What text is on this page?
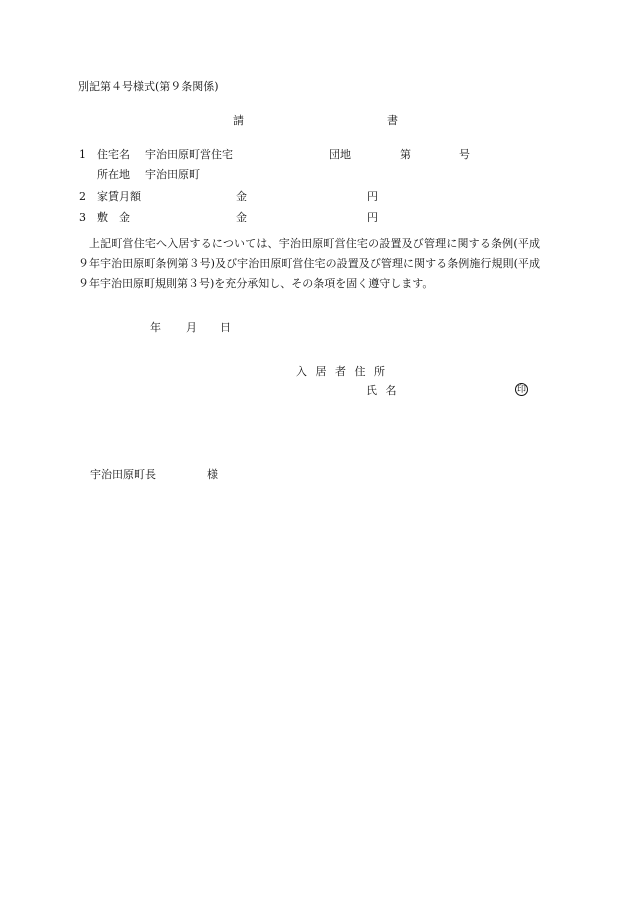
別記第４号様式(第９条関係)
請	書
1 住宅名 宇治田原町営住宅	団地	第	号
所在地 宇治田原町
2 家賃月額	金	円
3 敷　金	金	円
上記町営住宅へ入居するについては、宇治田原町営住宅の設置及び管理に関する条例(平成９年宇治田原町条例第３号)及び宇治田原町営住宅の設置及び管理に関する条例施行規則(平成９年宇治田原町規則第３号)を充分承知し、その条項を固く遵守します。
年 月 日
入 居 者 住 所
氏 名	印
宇治田原町長	様
